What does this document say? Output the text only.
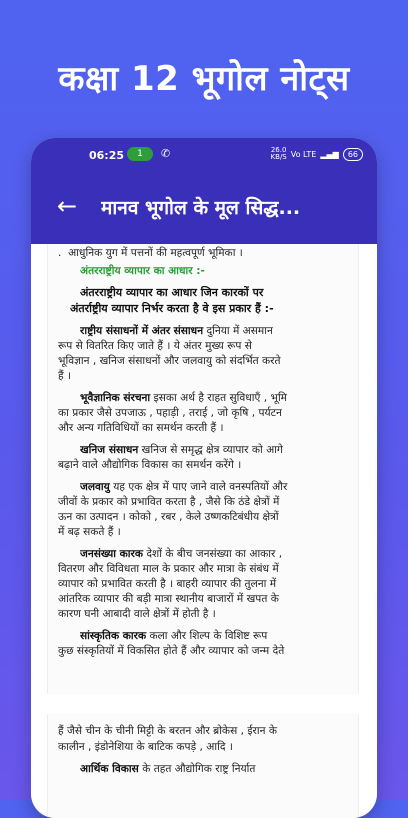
कक्षा 12 भूगोल नोट्स
06:25	1	✆	26.0
KB/S Vo LTE ▂▄▆	66
← मानव भूगोल के मूल सिद्ध...
.  आधुनिक युग में पत्तनों की महत्वपूर्ण भूमिका ।
अंतरराष्ट्रीय व्यापार का आधार :-
अंतरराष्ट्रीय व्यापार का आधार जिन कारकों पर
अंतर्राष्ट्रीय व्यापार निर्भर करता है वे इस प्रकार हैं :-
राष्ट्रीय संसाधनों में अंतर संसाधन दुनिया में असमान
रूप से वितरित किए जाते हैं । ये अंतर मुख्य रूप से
भूविज्ञान , खनिज संसाधनों और जलवायु को संदर्भित करते
हैं ।
भूवैज्ञानिक संरचना इसका अर्थ है राहत सुविधाएँ , भूमि
का प्रकार जैसे उपजाऊ , पहाड़ी , तराई , जो कृषि , पर्यटन
और अन्य गतिविधियों का समर्थन करती हैं ।
खनिज संसाधन खनिज से समृद्ध क्षेत्र व्यापार को आगे
बढ़ाने वाले औद्योगिक विकास का समर्थन करेंगे ।
जलवायु यह एक क्षेत्र में पाए जाने वाले वनस्पतियों और
जीवों के प्रकार को प्रभावित करता है , जैसे कि ठंडे क्षेत्रों में
ऊन का उत्पादन । कोको , रबर , केले उष्णकटिबंधीय क्षेत्रों
में बढ़ सकते हैं ।
जनसंख्या कारक देशों के बीच जनसंख्या का आकार ,
वितरण और विविधता माल के प्रकार और मात्रा के संबंध में
व्यापार को प्रभावित करती है । बाहरी व्यापार की तुलना में
आंतरिक व्यापार की बड़ी मात्रा स्थानीय बाजारों में खपत के
कारण घनी आबादी वाले क्षेत्रों में होती है ।
सांस्कृतिक कारक कला और शिल्प के विशिष्ट रूप
कुछ संस्कृतियों में विकसित होते हैं और व्यापार को जन्म देते
हैं जैसे चीन के चीनी मिट्टी के बरतन और ब्रोकेस , ईरान के
कालीन , इंडोनेशिया के बाटिक कपड़े , आदि ।
आर्थिक विकास के तहत औद्योगिक राष्ट्र निर्यात
